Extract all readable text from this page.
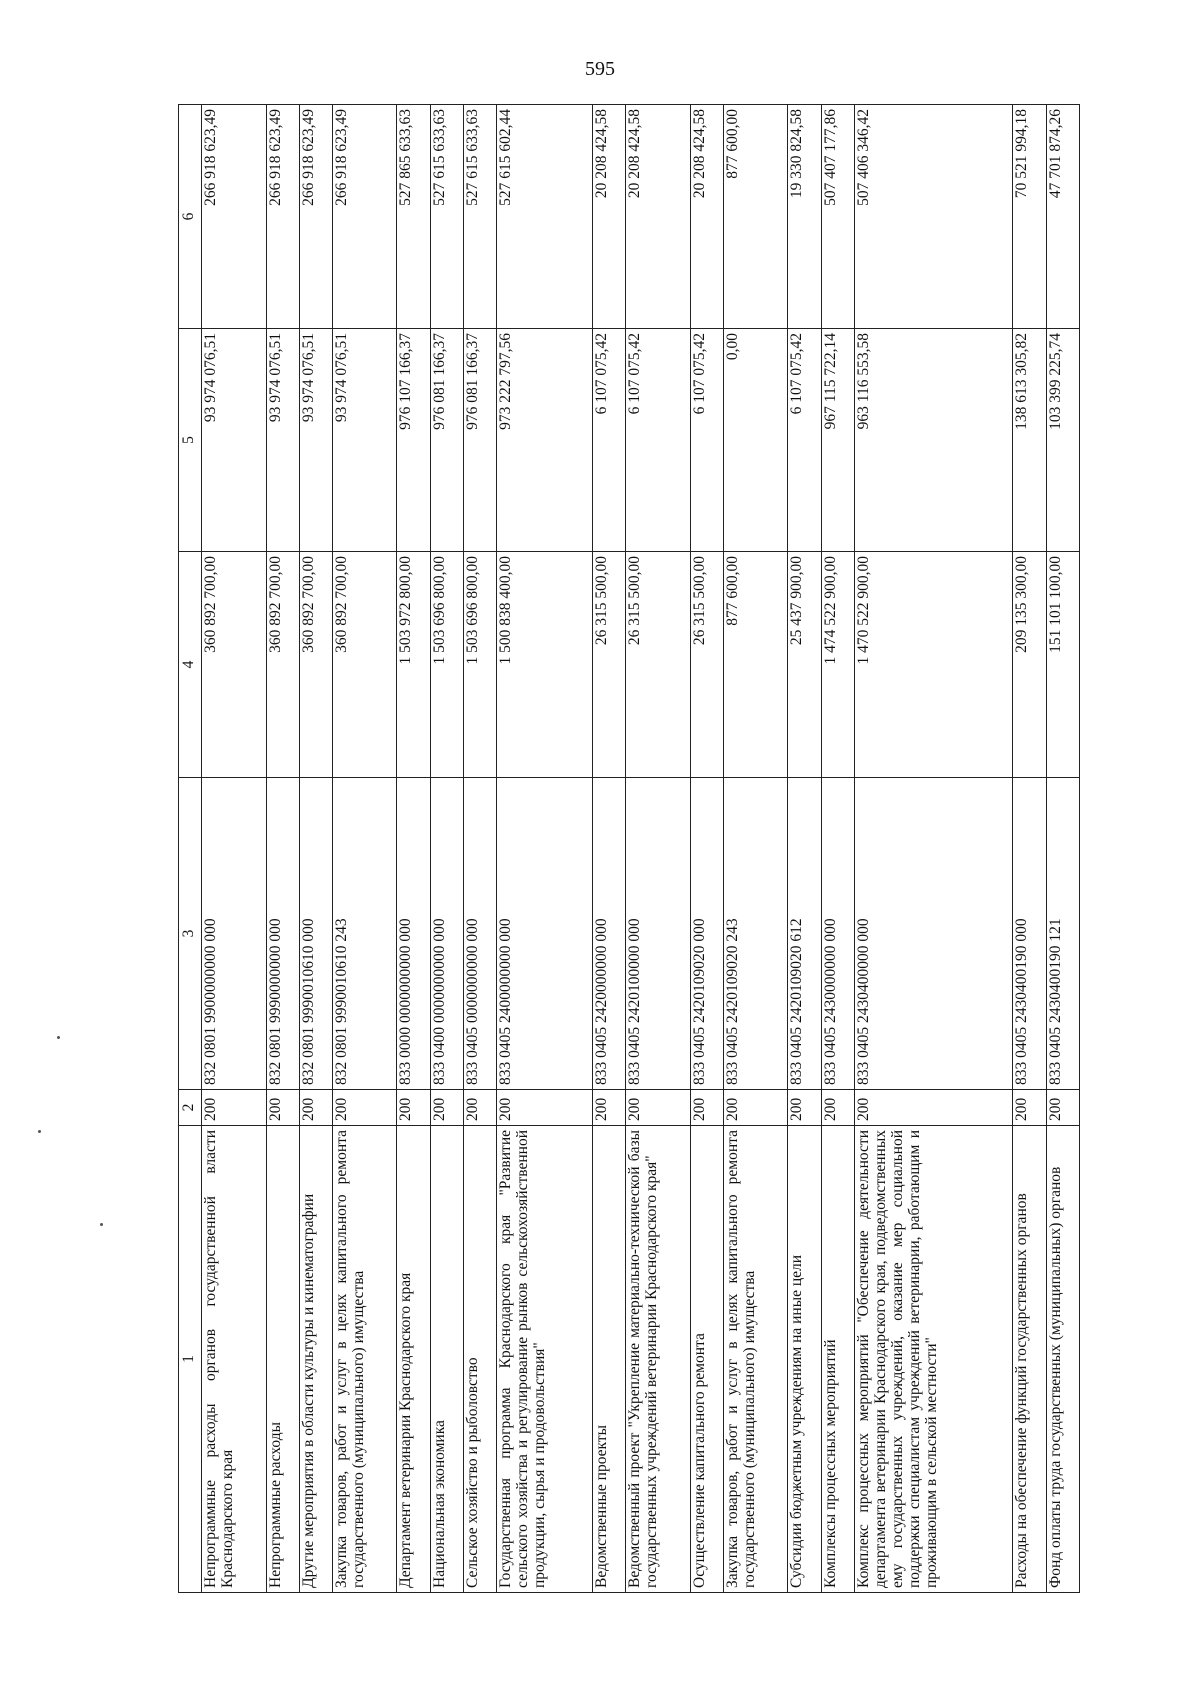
595
1	2	3	4	5	6
Непрограммные расходы органов государственной власти Краснодарского края	200	832 0801 9900000000 000	360 892 700,00	93 974 076,51	266 918 623,49
Непрограммные расходы	200	832 0801 9990000000 000	360 892 700,00	93 974 076,51	266 918 623,49
Другие мероприятия в области культуры и кинематографии	200	832 0801 9990010610 000	360 892 700,00	93 974 076,51	266 918 623,49
Закупка товаров, работ и услуг в целях капитального ремонта государственного (муниципального) имущества	200	832 0801 9990010610 243	360 892 700,00	93 974 076,51	266 918 623,49
Департамент ветеринарии Краснодарского края	200	833 0000 0000000000 000	1 503 972 800,00	976 107 166,37	527 865 633,63
Национальная экономика	200	833 0400 0000000000 000	1 503 696 800,00	976 081 166,37	527 615 633,63
Сельское хозяйство и рыболовство	200	833 0405 0000000000 000	1 503 696 800,00	976 081 166,37	527 615 633,63
Государственная программа Краснодарского края "Развитие сельского хозяйства и регулирование рынков сельскохозяйственной продукции, сырья и продовольствия"	200	833 0405 2400000000 000	1 500 838 400,00	973 222 797,56	527 615 602,44
Ведомственные проекты	200	833 0405 2420000000 000	26 315 500,00	6 107 075,42	20 208 424,58
Ведомственный проект "Укрепление материально-технической базы государственных учреждений ветеринарии Краснодарского края"	200	833 0405 2420100000 000	26 315 500,00	6 107 075,42	20 208 424,58
Осуществление капитального ремонта	200	833 0405 2420109020 000	26 315 500,00	6 107 075,42	20 208 424,58
Закупка товаров, работ и услуг в целях капитального ремонта государственного (муниципального) имущества	200	833 0405 2420109020 243	877 600,00	0,00	877 600,00
Субсидии бюджетным учреждениям на иные цели	200	833 0405 2420109020 612	25 437 900,00	6 107 075,42	19 330 824,58
Комплексы процессных мероприятий	200	833 0405 2430000000 000	1 474 522 900,00	967 115 722,14	507 407 177,86
Комплекс процессных мероприятий "Обеспечение деятельности департамента ветеринарии Краснодарского края, подведомственных ему государственных учреждений, оказание мер социальной поддержки специалистам учреждений ветеринарии, работающим и проживающим в сельской местности"	200	833 0405 2430400000 000	1 470 522 900,00	963 116 553,58	507 406 346,42
Расходы на обеспечение функций государственных органов	200	833 0405 2430400190 000	209 135 300,00	138 613 305,82	70 521 994,18
Фонд оплаты труда государственных (муниципальных) органов	200	833 0405 2430400190 121	151 101 100,00	103 399 225,74	47 701 874,26
